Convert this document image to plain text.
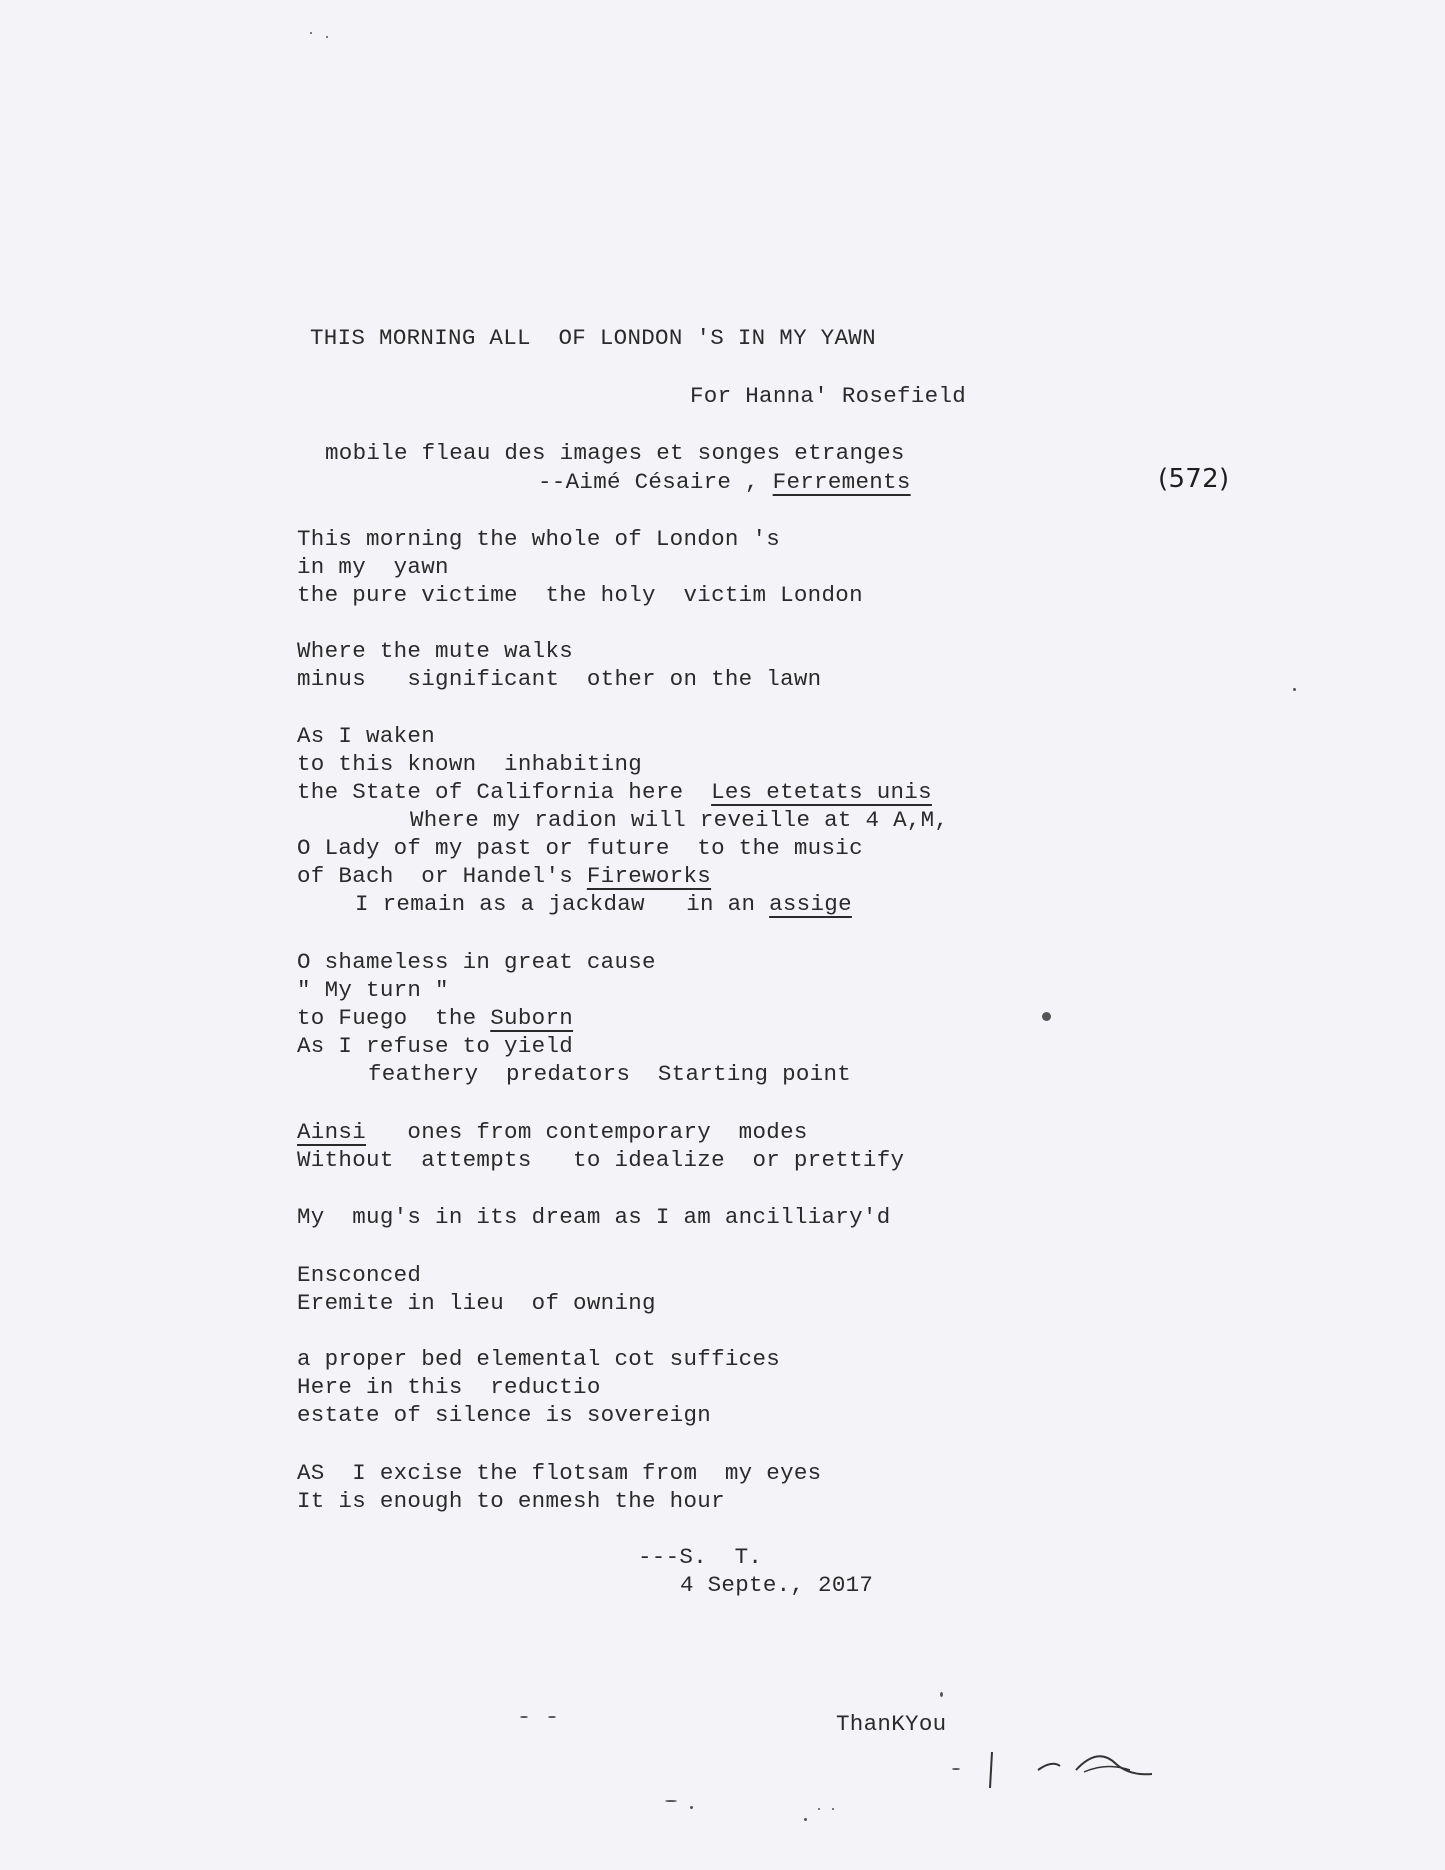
THIS MORNING ALL  OF LONDON 'S IN MY YAWN
For Hanna' Rosefield
mobile fleau des images et songes etranges
--Aimé Césaire , Ferrements	(572)
This morning the whole of London 's
in my  yawn
the pure victime  the holy  victim London
Where the mute walks
minus   significant  other on the lawn
As I waken
to this known  inhabiting
the State of California here  Les etetats unis
Where my radion will reveille at 4 A,M,
O Lady of my past or future  to the music
of Bach  or Handel's Fireworks
I remain as a jackdaw   in an assige
O shameless in great cause
" My turn "
to Fuego  the Suborn
As I refuse to yield
feathery  predators  Starting point
Ainsi   ones from contemporary  modes
Without  attempts   to idealize  or prettify
My  mug's in its dream as I am ancilliary'd
Ensconced
Eremite in lieu  of owning
a proper bed elemental cot suffices
Here in this  reductio
estate of silence is sovereign
AS  I excise the flotsam from  my eyes
It is enough to enmesh the hour
---S.  T.
4 Septe., 2017
ThanKYou
